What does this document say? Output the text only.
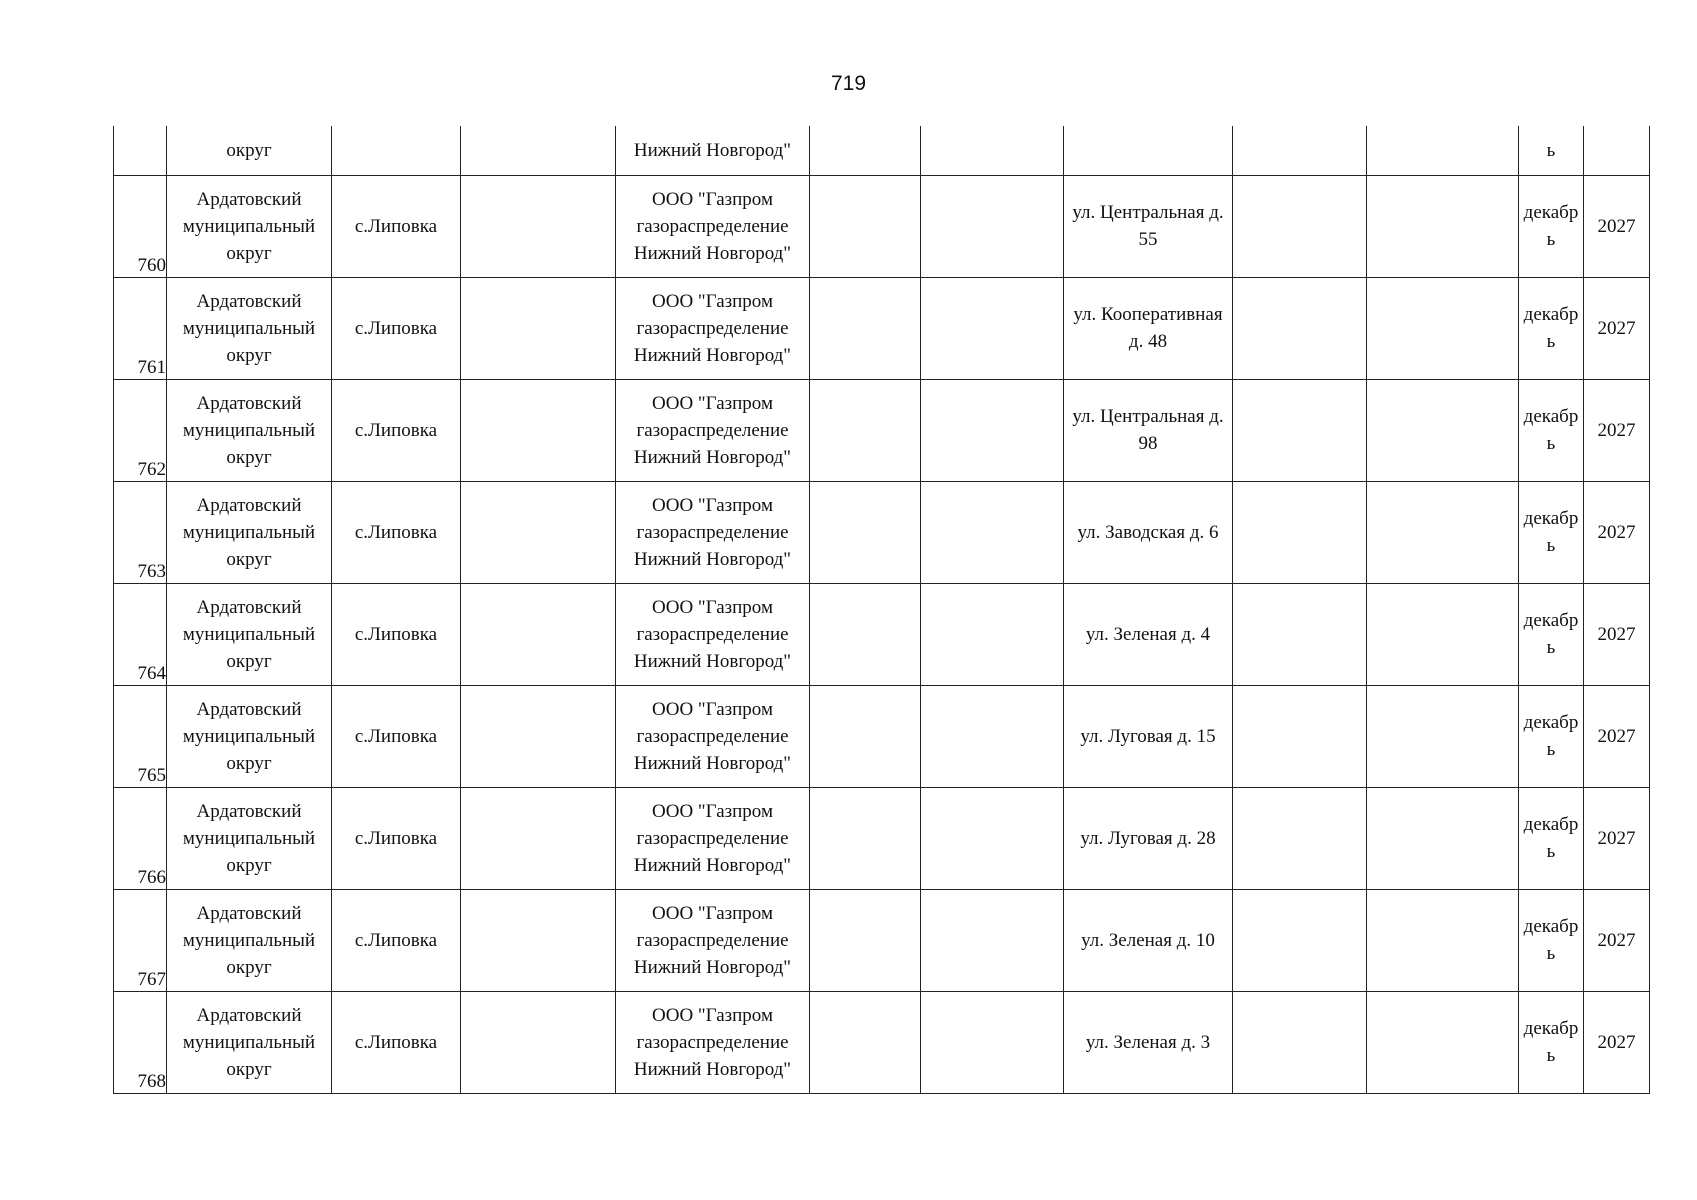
719

	округ			Нижний Новгород"						ь	

760	Ардатовский муниципальный округ	с.Липовка		ООО "Газпром газораспределение Нижний Новгород"			ул. Центральная д. 55			декабрь	2027

761	Ардатовский муниципальный округ	с.Липовка		ООО "Газпром газораспределение Нижний Новгород"			ул. Кооперативная д. 48			декабрь	2027

762	Ардатовский муниципальный округ	с.Липовка		ООО "Газпром газораспределение Нижний Новгород"			ул. Центральная д. 98			декабрь	2027

763	Ардатовский муниципальный округ	с.Липовка		ООО "Газпром газораспределение Нижний Новгород"			ул. Заводская д. 6			декабрь	2027

764	Ардатовский муниципальный округ	с.Липовка		ООО "Газпром газораспределение Нижний Новгород"			ул. Зеленая д. 4			декабрь	2027

765	Ардатовский муниципальный округ	с.Липовка		ООО "Газпром газораспределение Нижний Новгород"			ул. Луговая д. 15			декабрь	2027

766	Ардатовский муниципальный округ	с.Липовка		ООО "Газпром газораспределение Нижний Новгород"			ул. Луговая д. 28			декабрь	2027

767	Ардатовский муниципальный округ	с.Липовка		ООО "Газпром газораспределение Нижний Новгород"			ул. Зеленая д. 10			декабрь	2027

768	Ардатовский муниципальный округ	с.Липовка		ООО "Газпром газораспределение Нижний Новгород"			ул. Зеленая д. 3			декабрь	2027
